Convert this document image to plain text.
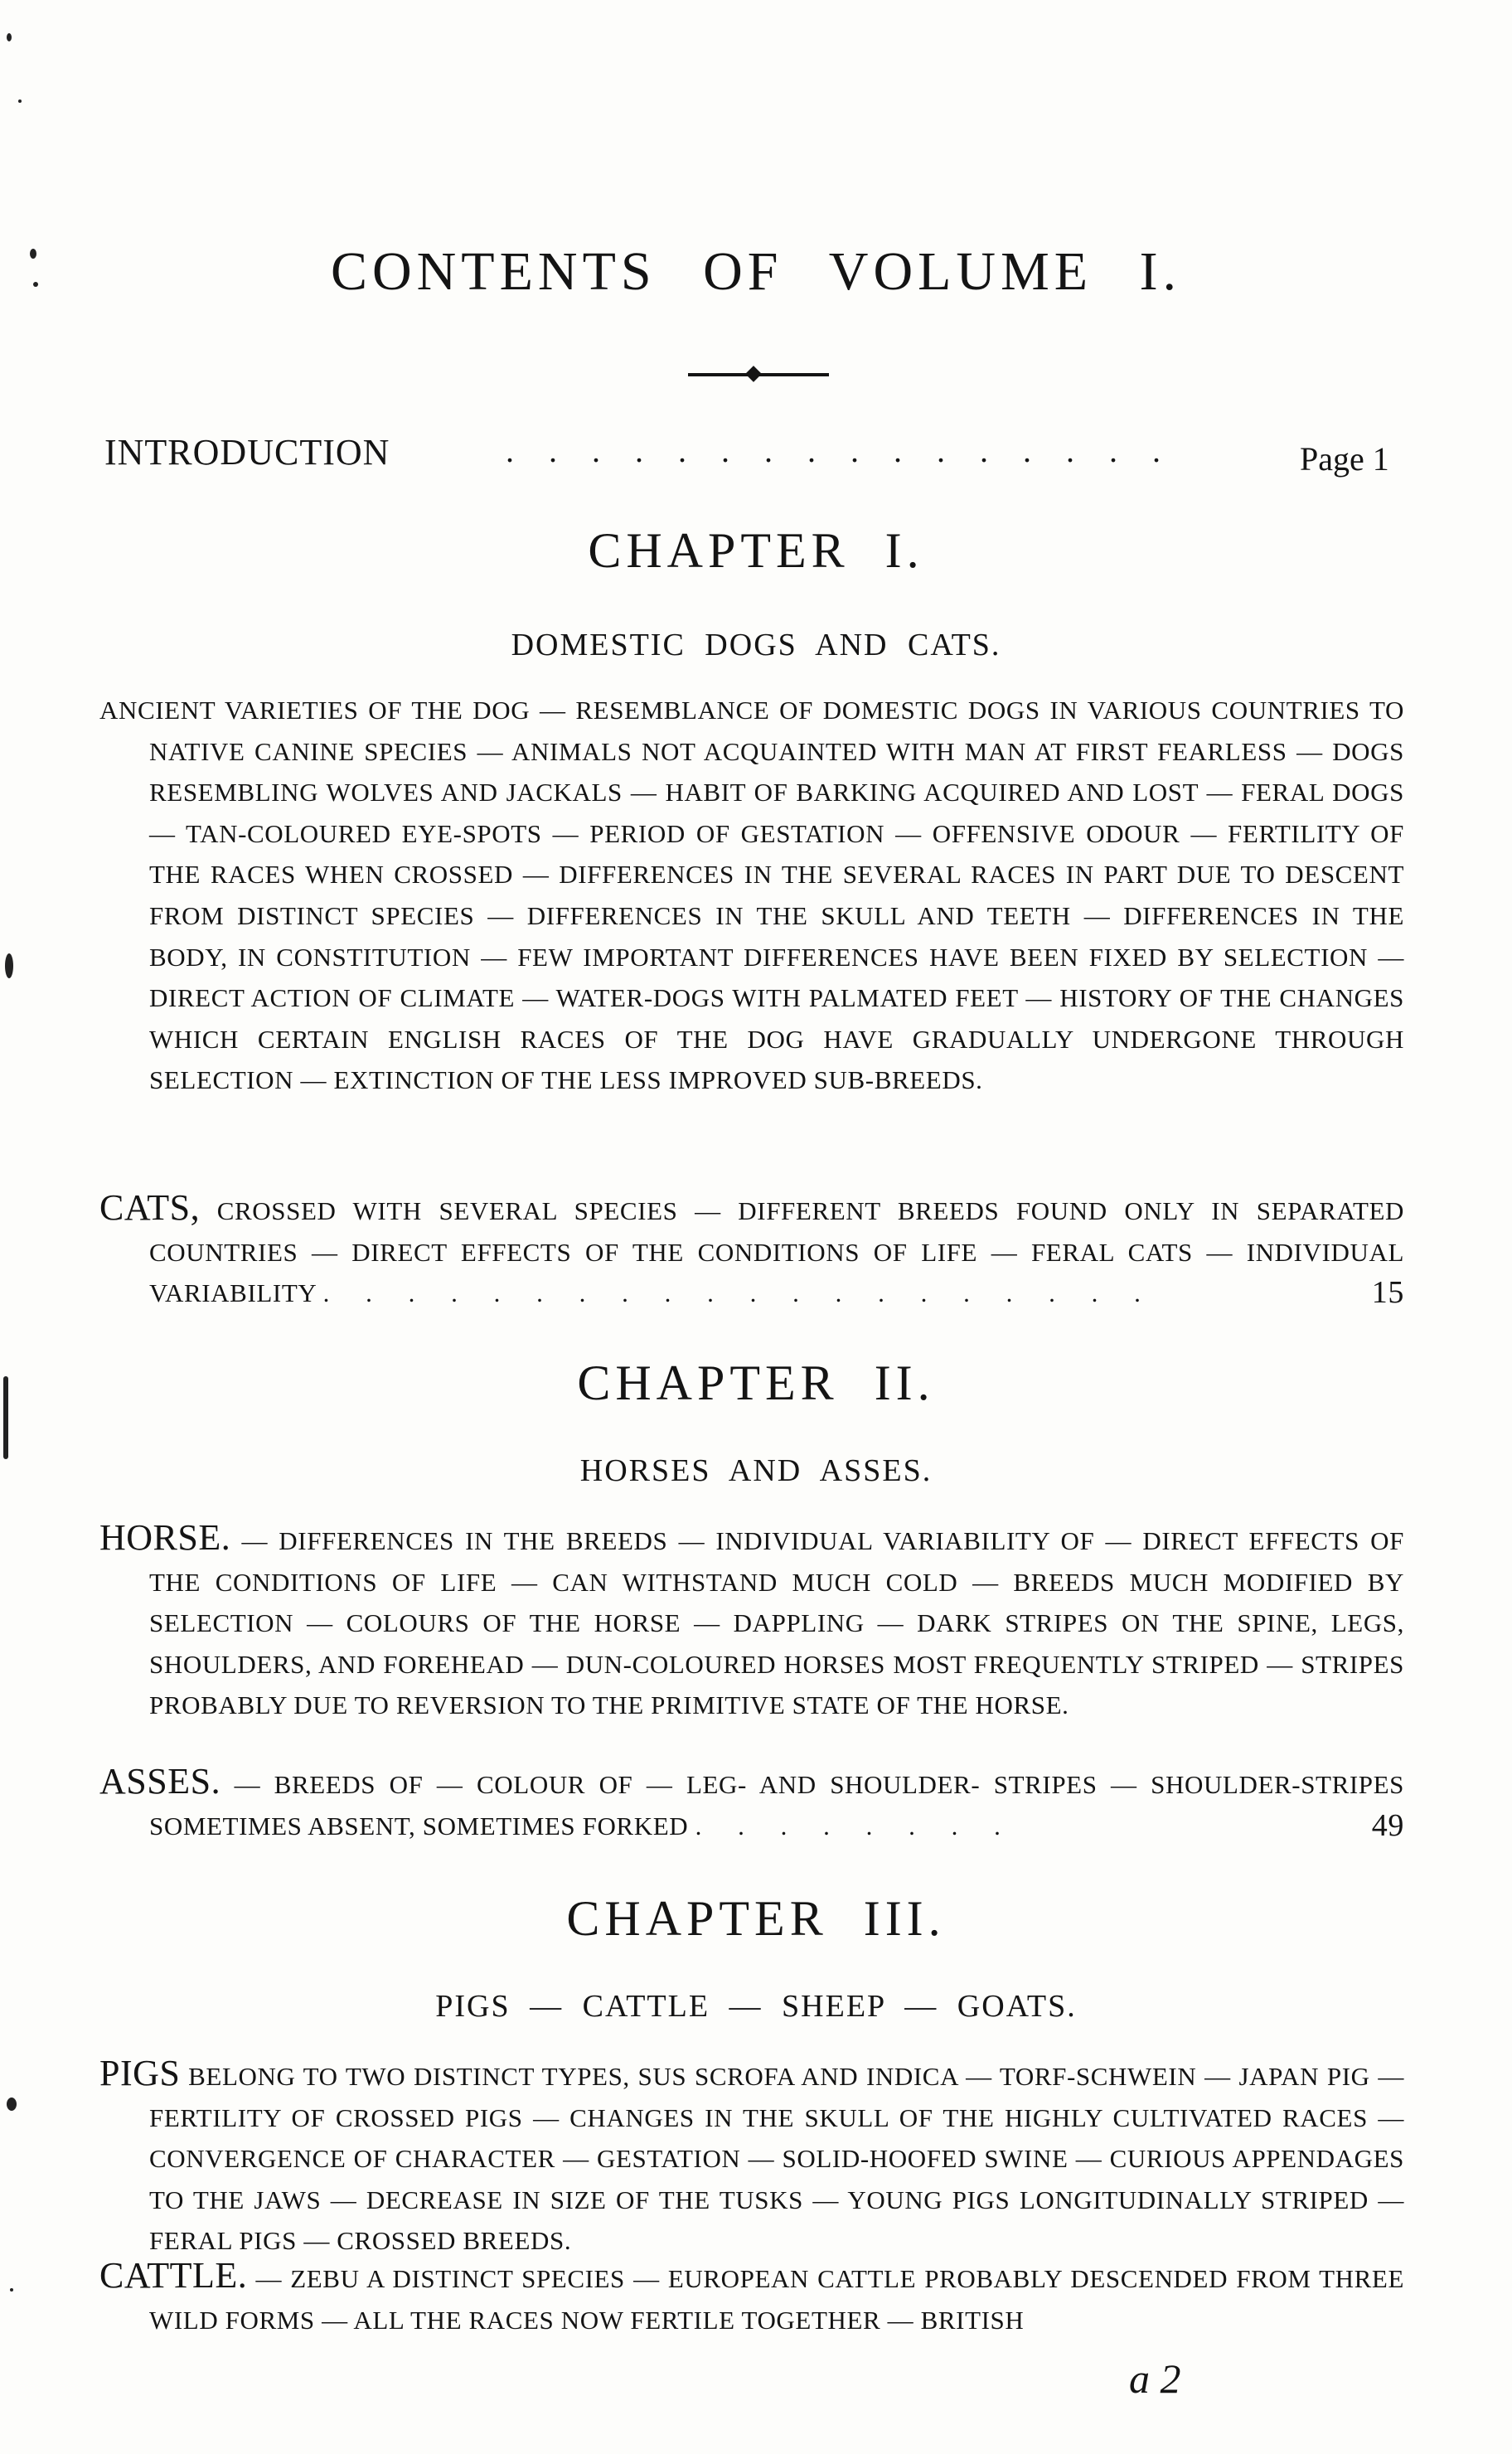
CONTENTS OF VOLUME I.
INTRODUCTION	. . . . . . . . . . . . . . . .	Page 1
CHAPTER I.
DOMESTIC DOGS AND CATS.
ANCIENT VARIETIES OF THE DOG — RESEMBLANCE OF DOMESTIC DOGS IN VARIOUS COUNTRIES TO NATIVE CANINE SPECIES — ANIMALS NOT ACQUAINTED WITH MAN AT FIRST FEARLESS — DOGS RESEMBLING WOLVES AND JACKALS — HABIT OF BARKING ACQUIRED AND LOST — FERAL DOGS — TAN-COLOURED EYE-SPOTS — PERIOD OF GESTATION — OFFENSIVE ODOUR — FERTILITY OF THE RACES WHEN CROSSED — DIFFERENCES IN THE SEVERAL RACES IN PART DUE TO DESCENT FROM DISTINCT SPECIES — DIFFERENCES IN THE SKULL AND TEETH — DIFFERENCES IN THE BODY, IN CONSTITUTION — FEW IMPORTANT DIFFERENCES HAVE BEEN FIXED BY SELECTION — DIRECT ACTION OF CLIMATE — WATER-DOGS WITH PALMATED FEET — HISTORY OF THE CHANGES WHICH CERTAIN ENGLISH RACES OF THE DOG HAVE GRADUALLY UNDERGONE THROUGH SELECTION — EXTINCTION OF THE LESS IMPROVED SUB-BREEDS.
CATS, CROSSED WITH SEVERAL SPECIES — DIFFERENT BREEDS FOUND ONLY IN SEPARATED COUNTRIES — DIRECT EFFECTS OF THE CONDITIONS OF LIFE — FERAL CATS — INDIVIDUAL VARIABILITY . . . . . . . . . . . . . . . . . . . .	15
CHAPTER II.
HORSES AND ASSES.
HORSE. — DIFFERENCES IN THE BREEDS — INDIVIDUAL VARIABILITY OF — DIRECT EFFECTS OF THE CONDITIONS OF LIFE — CAN WITHSTAND MUCH COLD — BREEDS MUCH MODIFIED BY SELECTION — COLOURS OF THE HORSE — DAPPLING — DARK STRIPES ON THE SPINE, LEGS, SHOULDERS, AND FOREHEAD — DUN-COLOURED HORSES MOST FREQUENTLY STRIPED — STRIPES PROBABLY DUE TO REVERSION TO THE PRIMITIVE STATE OF THE HORSE.
ASSES. — BREEDS OF — COLOUR OF — LEG- AND SHOULDER- STRIPES — SHOULDER-STRIPES SOMETIMES ABSENT, SOMETIMES FORKED . . . . . . . .	49
CHAPTER III.
PIGS — CATTLE — SHEEP — GOATS.
PIGS BELONG TO TWO DISTINCT TYPES, SUS SCROFA AND INDICA — TORF-SCHWEIN — JAPAN PIG — FERTILITY OF CROSSED PIGS — CHANGES IN THE SKULL OF THE HIGHLY CULTIVATED RACES — CONVERGENCE OF CHARACTER — GESTATION — SOLID-HOOFED SWINE — CURIOUS APPENDAGES TO THE JAWS — DECREASE IN SIZE OF THE TUSKS — YOUNG PIGS LONGITUDINALLY STRIPED — FERAL PIGS — CROSSED BREEDS.
CATTLE. — ZEBU A DISTINCT SPECIES — EUROPEAN CATTLE PROBABLY DESCENDED FROM THREE WILD FORMS — ALL THE RACES NOW FERTILE TOGETHER — BRITISH
a 2
